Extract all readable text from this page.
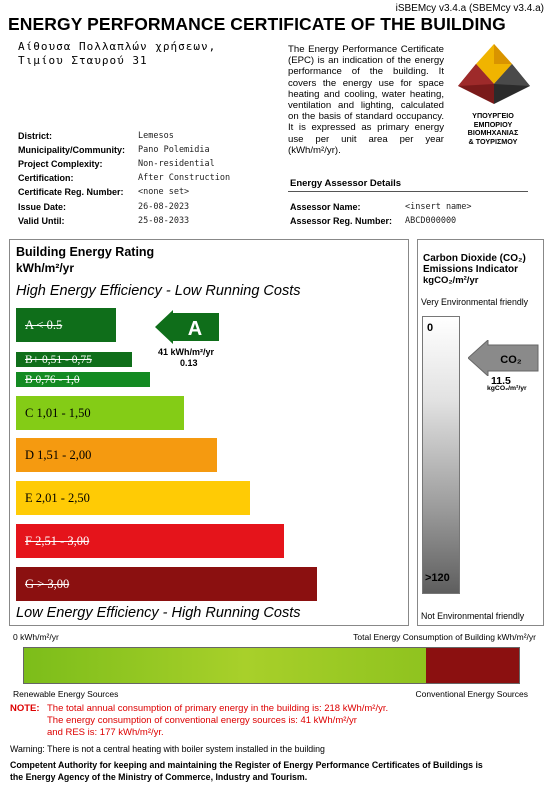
iSBEMcy v3.4.a (SBEMcy v3.4.a)
ENERGY PERFORMANCE CERTIFICATE OF THE BUILDING
Αίθουσα Πολλαπλών χρήσεων,
Τιμίου Σταυρού 31
The Energy Performance Certificate (EPC) is an indication of the energy performance of the building. It covers the energy use for space heating and cooling, water heating, ventilation and lighting, calculated on the basis of standard occupancy. It is expressed as primary energy use per unit area per year (kWh/m²/yr).
ΥΠΟΥΡΓΕΙΟ
ΕΜΠΟΡΙΟΥ
ΒΙΟΜΗΧΑΝΙΑΣ
& ΤΟΥΡΙΣΜΟΥ
District:	Lemesos
Municipality/Community: Pano Polemidia
Project Complexity:	Non-residential
Certification:	After Construction
Certificate Reg. Number: <none set>
Issue Date:	26-08-2023
Valid Until:	25-08-2033
Energy Assessor Details
Assessor Name:	<insert name>
Assessor Reg. Number: ABCD000000
Building Energy Rating
kWh/m²/yr
High Energy Efficiency - Low Running Costs
A < 0.5
B+ 0,51 - 0,75
B 0,76 - 1,0
C 1,01 - 1,50
D 1,51 - 2,00
E 2,01 - 2,50
F 2,51 - 3,00
G > 3,00
A
41 kWh/m²/yr
0.13
Low Energy Efficiency - High Running Costs
Carbon Dioxide (CO₂)
Emissions Indicator
kgCO₂/m²/yr
Very Environmental friendly
0
>120
CO₂
11.5
kgCO₂/m²/yr
Not Environmental friendly
0 kWh/m²/yr	Total Energy Consumption of Building kWh/m²/yr
Renewable Energy Sources	Conventional Energy Sources
NOTE: The total annual consumption of primary energy in the building is: 218 kWh/m²/yr.
The energy consumption of conventional energy sources is: 41 kWh/m²/yr
and RES is: 177 kWh/m²/yr.
Warning: There is not a central heating with boiler system installed in the building
Competent Authority for keeping and maintaining the Register of Energy Performance Certificates of Buildings is
the Energy Agency of the Ministry of Commerce, Industry and Tourism.
